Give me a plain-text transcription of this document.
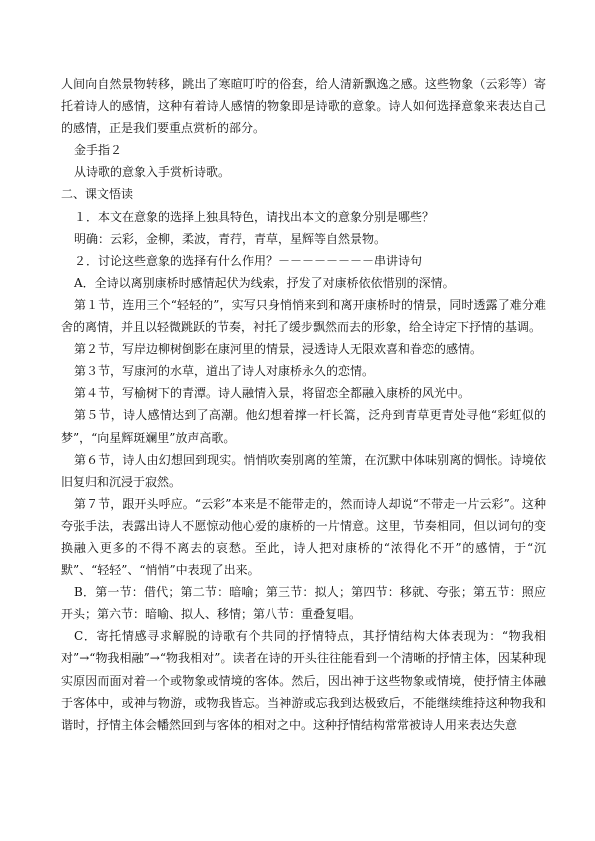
人间向自然景物转移，跳出了寒暄叮咛的俗套，给人清新飘逸之感。这些物象（云彩等）寄托着诗人的感情，这种有着诗人感情的物象即是诗歌的意象。诗人如何选择意象来表达自己的感情，正是我们要重点赏析的部分。

金手指２

从诗歌的意象入手赏析诗歌。

二、课文悟读

１．本文在意象的选择上独具特色，请找出本文的意象分别是哪些？

明确：云彩，金柳，柔波，青荇，青草，星辉等自然景物。

２．讨论这些意象的选择有什么作用？－－－－－－－－串讲诗句

A．全诗以离别康桥时感情起伏为线索，抒发了对康桥依依惜别的深情。

第１节，连用三个“轻轻的”，实写只身悄悄来到和离开康桥时的情景，同时透露了难分难舍的离情，并且以轻微跳跃的节奏，衬托了缓步飘然而去的形象，给全诗定下抒情的基调。

第２节，写岸边柳树倒影在康河里的情景，浸透诗人无限欢喜和眷恋的感情。

第３节，写康河的水草，道出了诗人对康桥永久的恋情。

第４节，写榆树下的青潭。诗人融情入景，将留恋全都融入康桥的风光中。

第５节，诗人感情达到了高潮。他幻想着撑一杆长篙，泛舟到青草更青处寻他“彩虹似的梦”，“向星辉斑斓里”放声高歌。

第６节，诗人由幻想回到现实。悄悄吹奏别离的笙箫，在沉默中体味别离的惆怅。诗境依旧复归和沉浸于寂然。

第７节，跟开头呼应。“云彩”本来是不能带走的，然而诗人却说“不带走一片云彩”。这种夸张手法，表露出诗人不愿惊动他心爱的康桥的一片情意。这里，节奏相同，但以词句的变换融入更多的不得不离去的哀愁。至此，诗人把对康桥的“浓得化不开”的感情，于“沉默”、“轻轻”、“悄悄”中表现了出来。

B．第一节：借代；第二节：暗喻；第三节：拟人；第四节：移就、夸张；第五节：照应开头；第六节：暗喻、拟人、移情；第八节：重叠复唱。

C．寄托情感寻求解脱的诗歌有个共同的抒情特点，其抒情结构大体表现为：“物我相对”→“物我相融”→“物我相对”。读者在诗的开头往往能看到一个清晰的抒情主体，因某种现实原因而面对着一个或物象或情境的客体。然后，因出神于这些物象或情境，使抒情主体融于客体中，或神与物游，或物我皆忘。当神游或忘我到达极致后，不能继续维持这种物我和谐时，抒情主体会幡然回到与客体的相对之中。这种抒情结构常常被诗人用来表达失意
